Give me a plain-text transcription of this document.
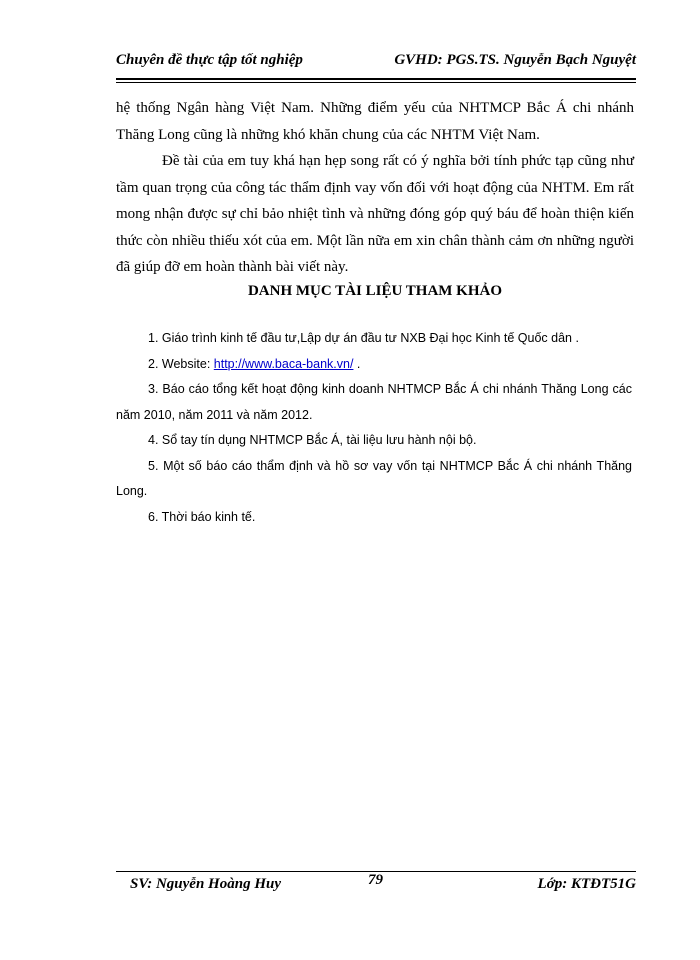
Chuyên đề thực tập tốt nghiệp	GVHD: PGS.TS. Nguyễn Bạch Nguyệt

hệ thống Ngân hàng Việt Nam. Những điểm yếu của NHTMCP Bắc Á chi nhánh Thăng Long cũng là những khó khăn chung của các NHTM Việt Nam.

Đề tài của em tuy khá hạn hẹp song rất có ý nghĩa bởi tính phức tạp cũng như tầm quan trọng của công tác thẩm định vay vốn đối với hoạt động của NHTM. Em rất mong nhận được sự chỉ bảo nhiệt tình và những đóng góp quý báu để hoàn thiện kiến thức còn nhiều thiếu xót của em. Một lần nữa em xin chân thành cảm ơn những người đã giúp đỡ em hoàn thành bài viết này.

DANH MỤC TÀI LIỆU THAM KHẢO

1. Giáo trình kinh tế đầu tư,Lập dự án đầu tư NXB Đại học Kinh tế Quốc dân .

2. Website: http://www.baca-bank.vn/ .

3. Báo cáo tổng kết hoạt động kinh doanh NHTMCP Bắc Á chi nhánh Thăng Long các năm 2010, năm 2011 và năm 2012.

4. Sổ tay tín dụng NHTMCP Bắc Á, tài liệu lưu hành nội bộ.

5. Một số báo cáo thẩm định và hồ sơ vay vốn tại NHTMCP Bắc Á chi nhánh Thăng Long.

6. Thời báo kinh tế.

SV: Nguyễn Hoàng Huy	79	Lớp: KTĐT51G
